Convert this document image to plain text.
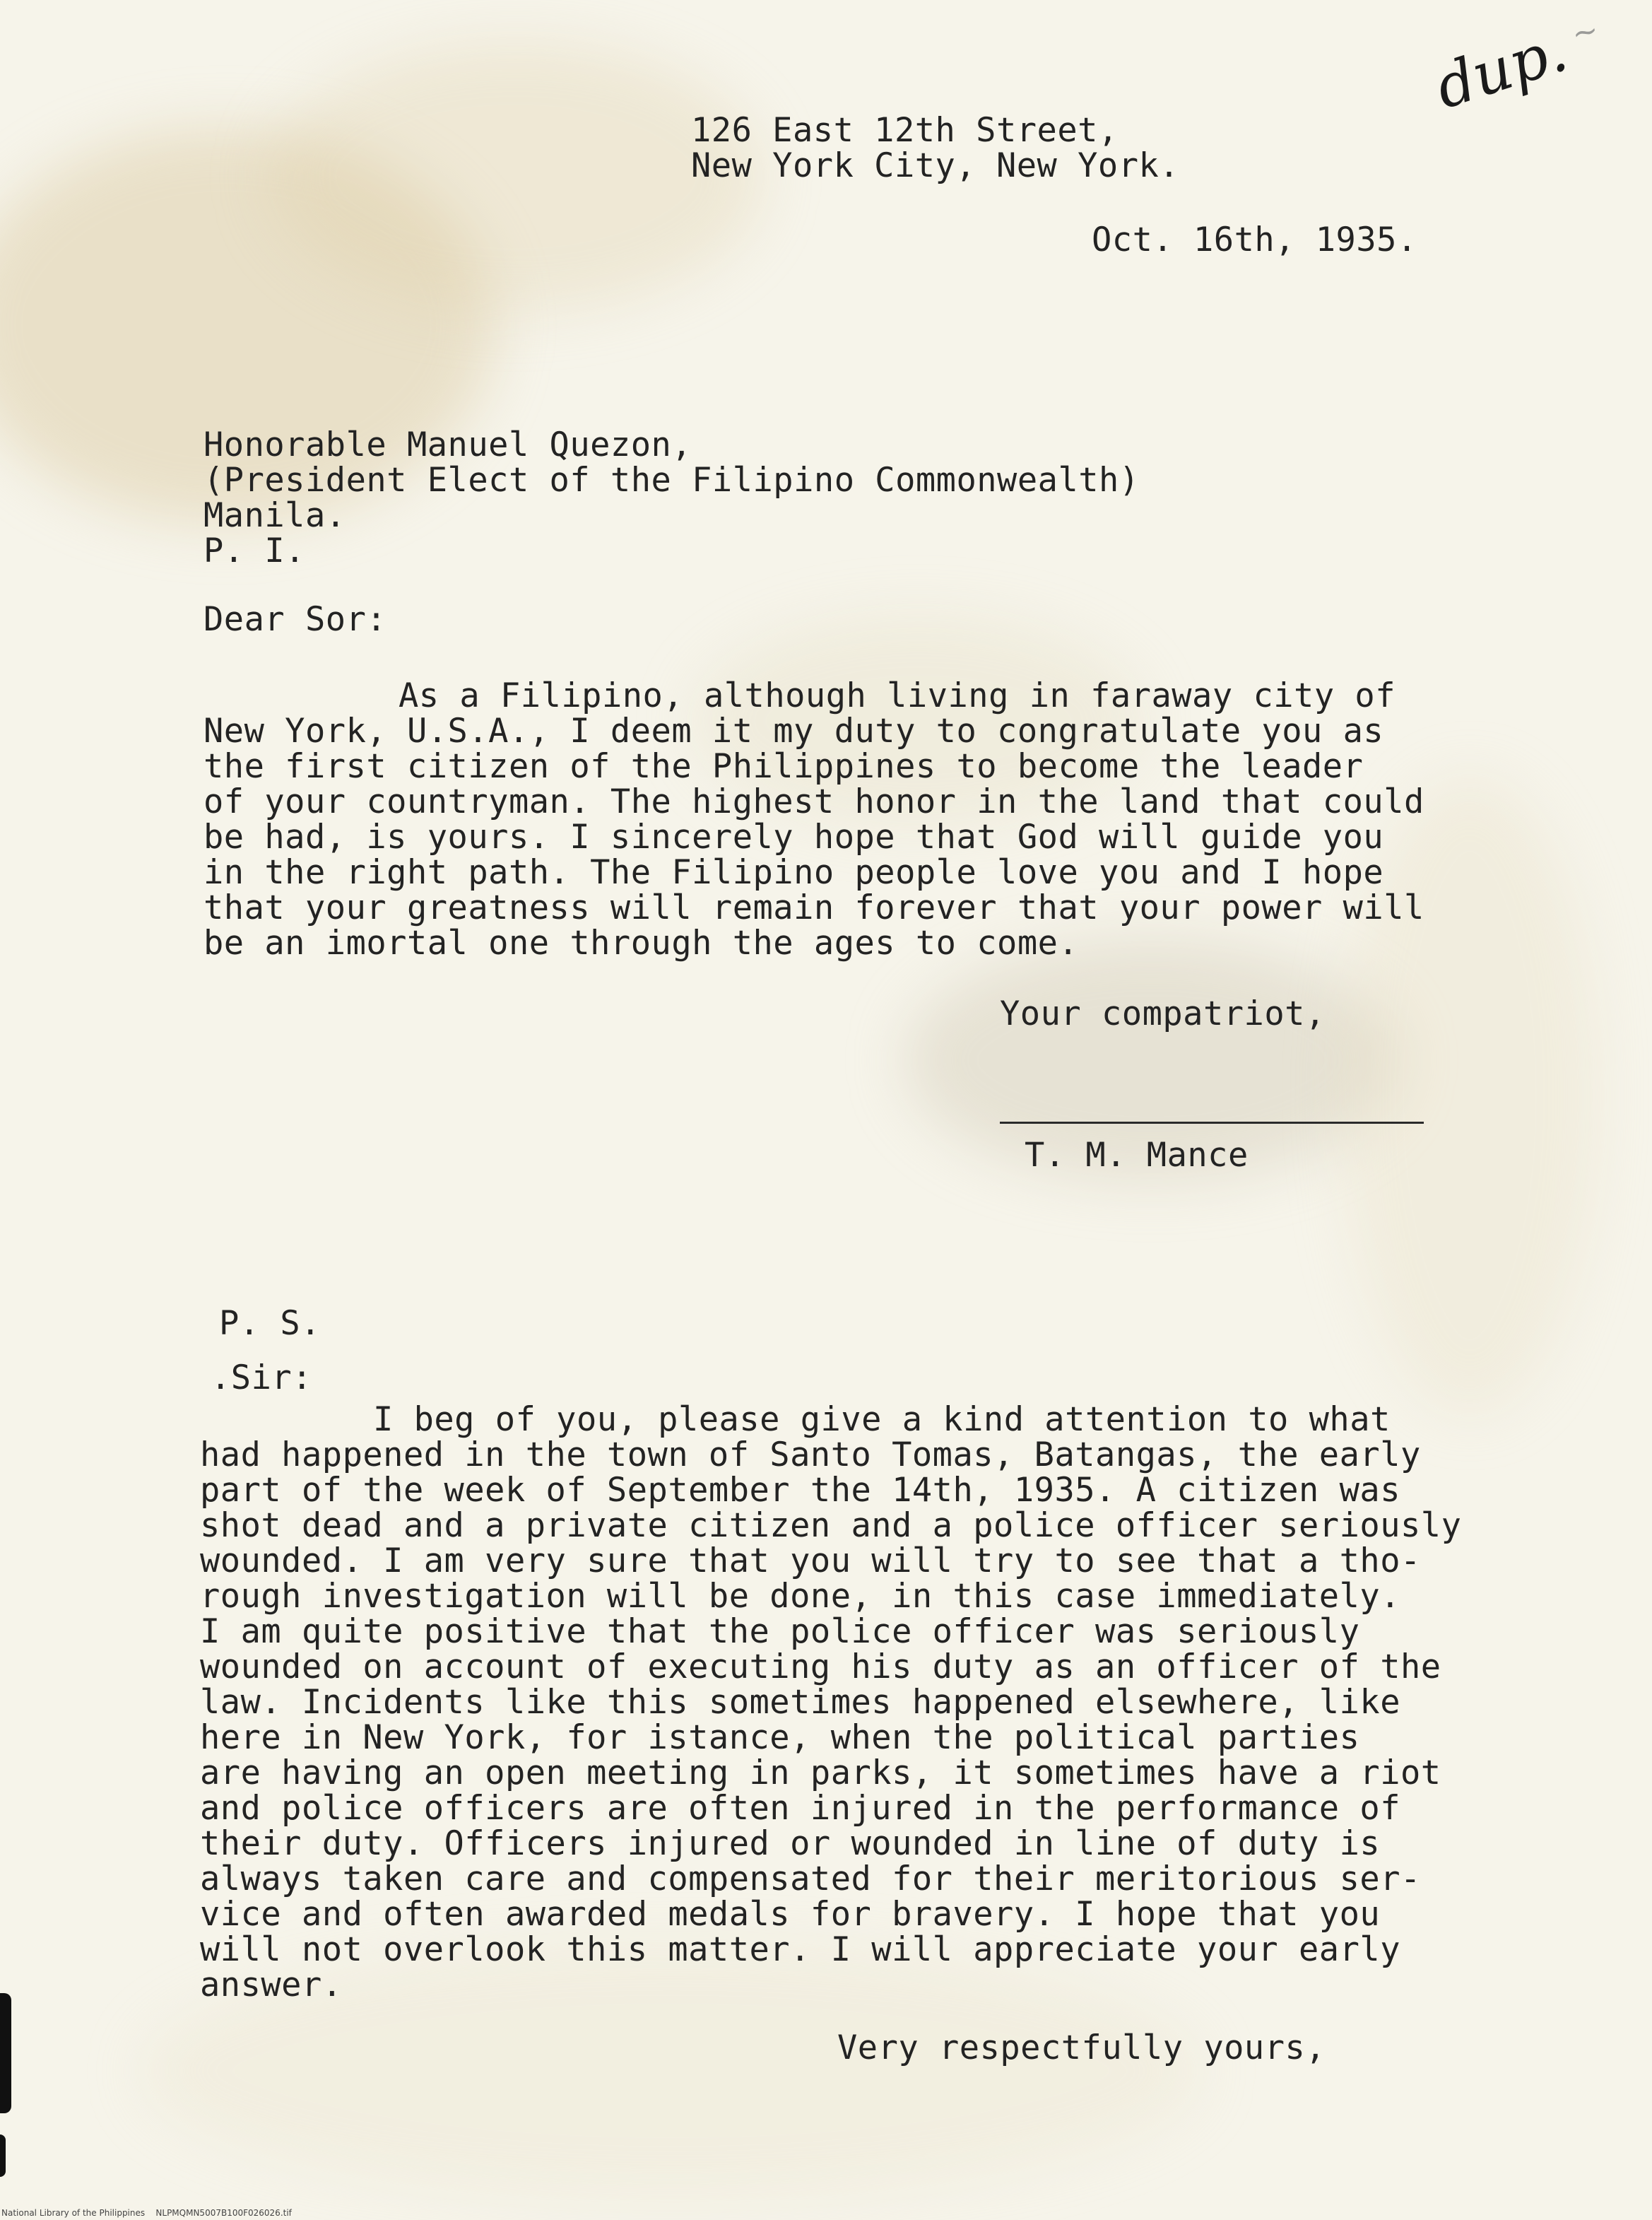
dup.
~

126 East 12th Street,

New York City, New York.

Oct. 16th, 1935.

Honorable Manuel Quezon,

(President Elect of the Filipino Commonwealth)

Manila.

P. I.

Dear Sor:

As a Filipino, although living in faraway city of
New York, U.S.A., I deem it my duty to congratulate you as
the first citizen of the Philippines to become the leader
of your countryman. The highest honor in the land that could
be had, is yours. I sincerely hope that God will guide you
in the right path. The Filipino people love you and I hope
that your greatness will remain forever that your power will
be an imortal one through the ages to come.

Your compatriot,

T. M. Mance

P. S.

.Sir:

I beg of you, please give a kind attention to what
had happened in the town of Santo Tomas, Batangas, the early
part of the week of September the 14th, 1935. A citizen was
shot dead and a private citizen and a police officer seriously
wounded. I am very sure that you will try to see that a tho-
rough investigation will be done, in this case immediately.
I am quite positive that the police officer was seriously
wounded on account of executing his duty as an officer of the
law. Incidents like this sometimes happened elsewhere, like
here in New York, for istance, when the political parties
are having an open meeting in parks, it sometimes have a riot
and police officers are often injured in the performance of
their duty. Officers injured or wounded in line of duty is
always taken care and compensated for their meritorious ser-
vice and often awarded medals for bravery. I hope that you
will not overlook this matter. I will appreciate your early
answer.

Very respectfully yours,

National Library of the Philippines NLPMQMN5007B100F026026.tif
